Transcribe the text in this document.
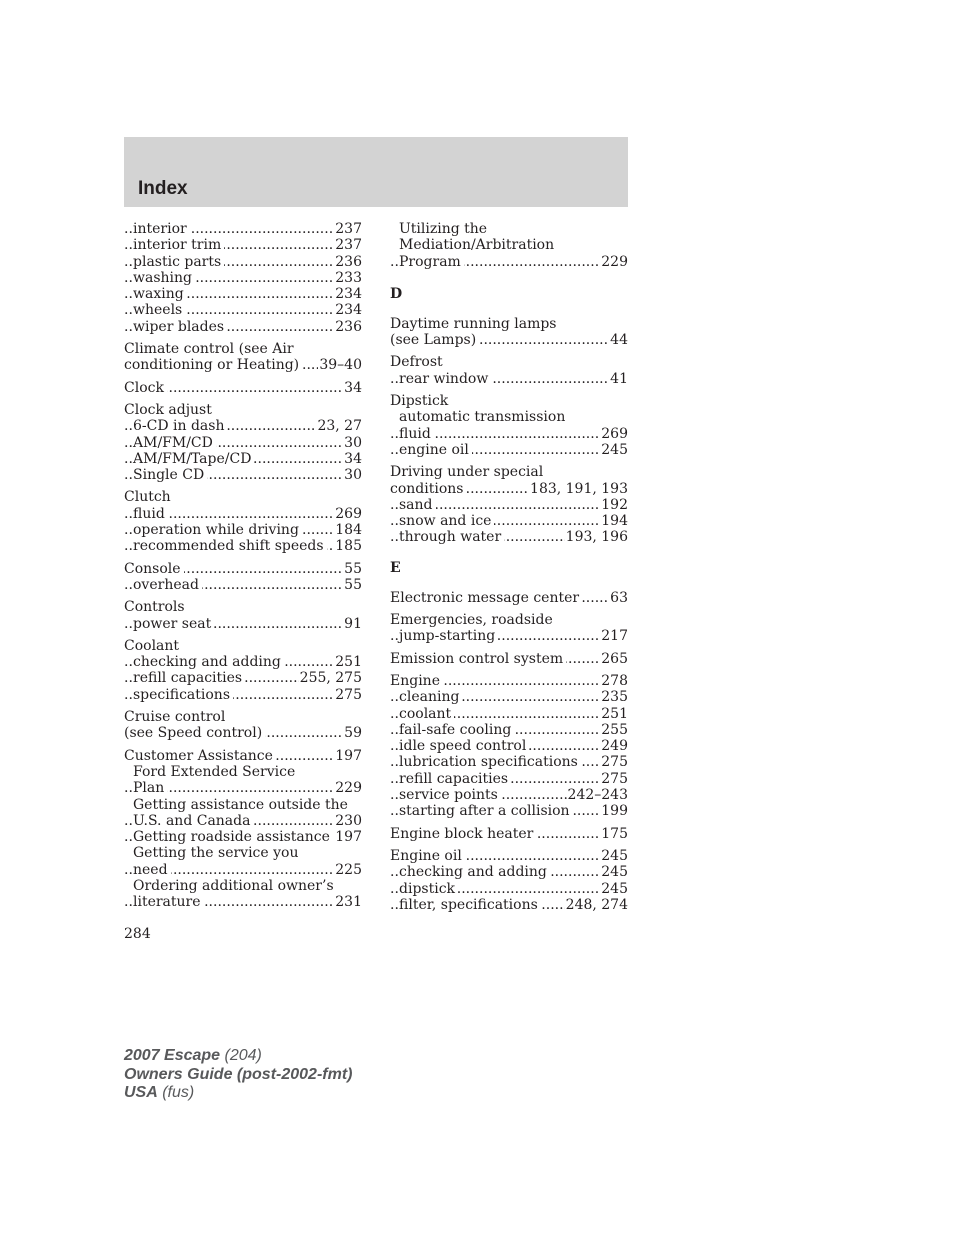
Index
interior	237
.....
interior trim	237
.....
plastic parts	236
.....
washing	233
.....
waxing	234
.....
wheels	234
.....
wiper blades	236
.....
Climate control (see Air
conditioning or Heating) 39–40
.....
Clock	34
.....
Clock adjust
6-CD in dash	23, 27
.....
AM/FM/CD	30
.....
AM/FM/Tape/CD	34
.....
Single CD	30
.....
Clutch
fluid	269
.....
operation while driving	184
.....
recommended shift speeds 185
.....
Console	55
.....
overhead	55
.....
Controls
power seat	91
.....
Coolant
checking and adding	251
.....
refill capacities	255, 275
.....
specifications	275
.....
Cruise control
(see Speed control)	59
.....
Customer Assistance	197
.....
Ford Extended Service
Plan	229
.....
Getting assistance outside the
U.S. and Canada	230
.....
Getting roadside assistance 197
.....
Getting the service you
need	225
.....
Ordering additional owner’s
literature	231
.....
Utilizing the
Mediation/Arbitration
Program	229
.....
D
Daytime running lamps
(see Lamps)	44
.....
Defrost
rear window	41
.....
Dipstick
automatic transmission
fluid	269
.....
engine oil	245
.....
Driving under special
conditions	183, 191, 193
.....
sand	192
.....
snow and ice	194
.....
through water	193, 196
.....
E
Electronic message center 63
.....
Emergencies, roadside
jump-starting	217
.....
Emission control system	265
.....
Engine	278
.....
cleaning	235
.....
coolant	251
.....
fail-safe cooling	255
.....
idle speed control	249
.....
lubrication specifications 275
.....
refill capacities	275
.....
service points	242–243
.....
starting after a collision 199
.....
Engine block heater	175
.....
Engine oil	245
.....
checking and adding	245
.....
dipstick	245
.....
filter, specifications 248, 274
.....
284
2007 Escape (204)
Owners Guide (post-2002-fmt)
USA (fus)
